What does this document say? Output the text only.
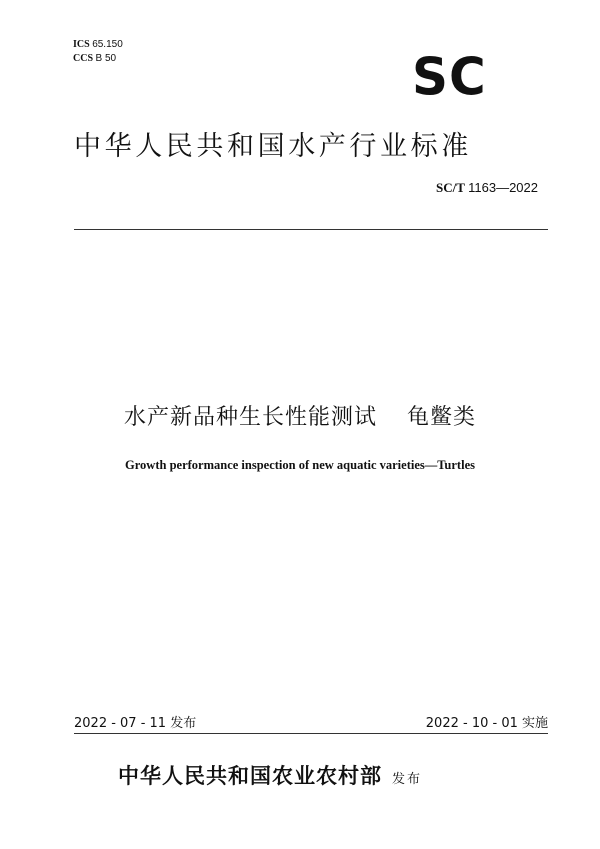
ICS 65.150
CCS B 50	SC
中华人民共和国水产行业标准
SC/T 1163—2022
水产新品种生长性能测试 龟鳖类
Growth performance inspection of new aquatic varieties—Turtles
2022 - 07 - 11 发布	2022 - 10 - 01 实施
中华人民共和国农业农村部 发布
